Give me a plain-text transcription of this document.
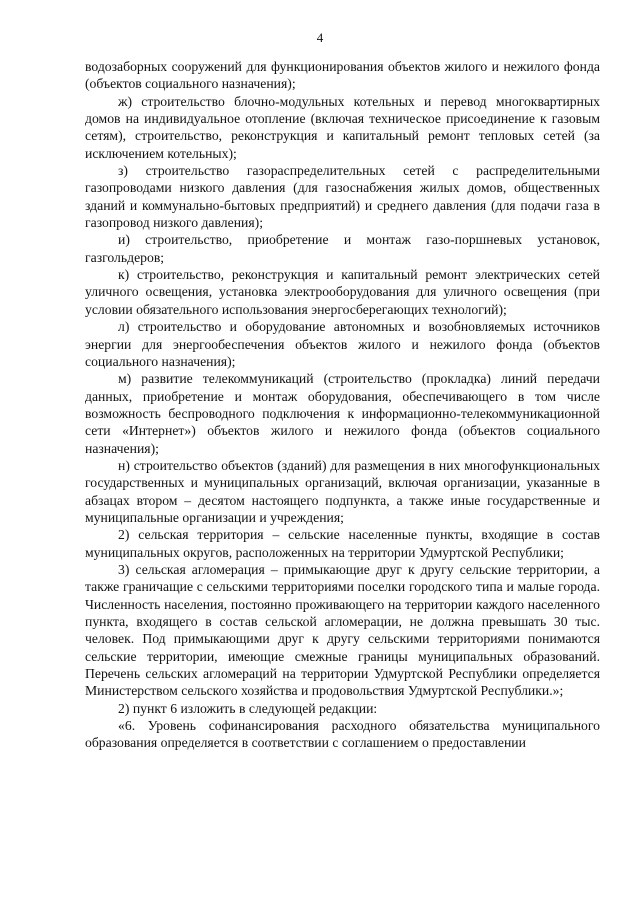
4

водозаборных сооружений для функционирования объектов жилого и нежилого фонда (объектов социального назначения);

ж) строительство блочно-модульных котельных и перевод многоквартирных домов на индивидуальное отопление (включая техническое присоединение к газовым сетям), строительство, реконструкция и капитальный ремонт тепловых сетей (за исключением котельных);

з) строительство газораспределительных сетей с распределительными газопроводами низкого давления (для газоснабжения жилых домов, общественных зданий и коммунально-бытовых предприятий) и среднего давления (для подачи газа в газопровод низкого давления);

и) строительство, приобретение и монтаж газо-поршневых установок, газгольдеров;

к) строительство, реконструкция и капитальный ремонт электрических сетей уличного освещения, установка электрооборудования для уличного освещения (при условии обязательного использования энергосберегающих технологий);

л) строительство и оборудование автономных и возобновляемых источников энергии для энергообеспечения объектов жилого и нежилого фонда (объектов социального назначения);

м) развитие телекоммуникаций (строительство (прокладка) линий передачи данных, приобретение и монтаж оборудования, обеспечивающего в том числе возможность беспроводного подключения к информационно-телекоммуникационной сети «Интернет») объектов жилого и нежилого фонда (объектов социального назначения);

н) строительство объектов (зданий) для размещения в них многофункциональных государственных и муниципальных организаций, включая организации, указанные в абзацах втором – десятом настоящего подпункта, а также иные государственные и муниципальные организации и учреждения;

2) сельская территория – сельские населенные пункты, входящие в состав муниципальных округов, расположенных на территории Удмуртской Республики;

3) сельская агломерация – примыкающие друг к другу сельские территории, а также граничащие с сельскими территориями поселки городского типа и малые города. Численность населения, постоянно проживающего на территории каждого населенного пункта, входящего в состав сельской агломерации, не должна превышать 30 тыс. человек. Под примыкающими друг к другу сельскими территориями понимаются сельские территории, имеющие смежные границы муниципальных образований. Перечень сельских агломераций на территории Удмуртской Республики определяется Министерством сельского хозяйства и продовольствия Удмуртской Республики.»;

2) пункт 6 изложить в следующей редакции:

«6. Уровень софинансирования расходного обязательства муниципального образования определяется в соответствии с соглашением о предоставлении
